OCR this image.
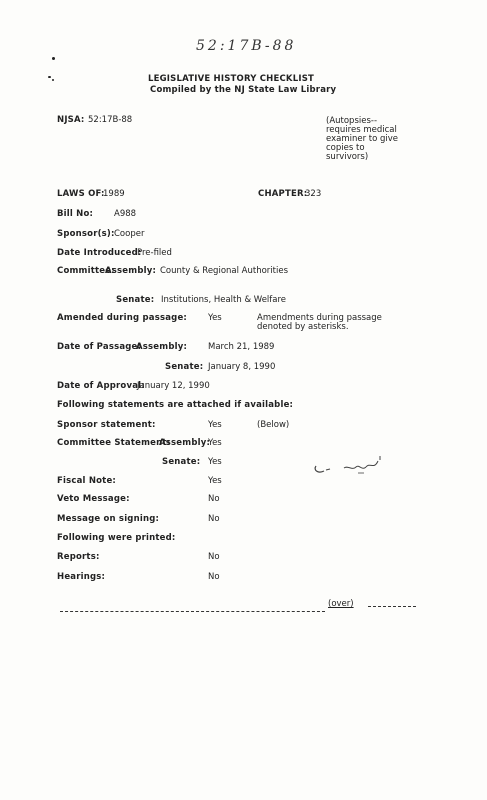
52:17B-88
LEGISLATIVE HISTORY CHECKLIST
Compiled by the NJ State Law Library
NJSA: 52:17B-88	(Autopsies--
requires medical
examiner to give
copies to
survivors)
LAWS OF:
1989	CHAPTER:
323
Bill No: A988
Sponsor(s): Cooper
Date Introduced:
Pre-filed
Committee:
Assembly: County & Regional Authorities
Senate: Institutions, Health & Welfare
Amended during passage: Yes	Amendments during passage
denoted by asterisks.
Date of Passage:
Assembly: March 21, 1989
Senate: January 8, 1990
Date of Approval:
January 12, 1990
Following statements are attached if available:
Sponsor statement:	Yes	(Below)
Committee Statement:
Assembly:
Yes
Senate: Yes
Fiscal Note:	Yes
Veto Message:	No
Message on signing:	No
Following were printed:
Reports:	No
Hearings:	No
(over)
